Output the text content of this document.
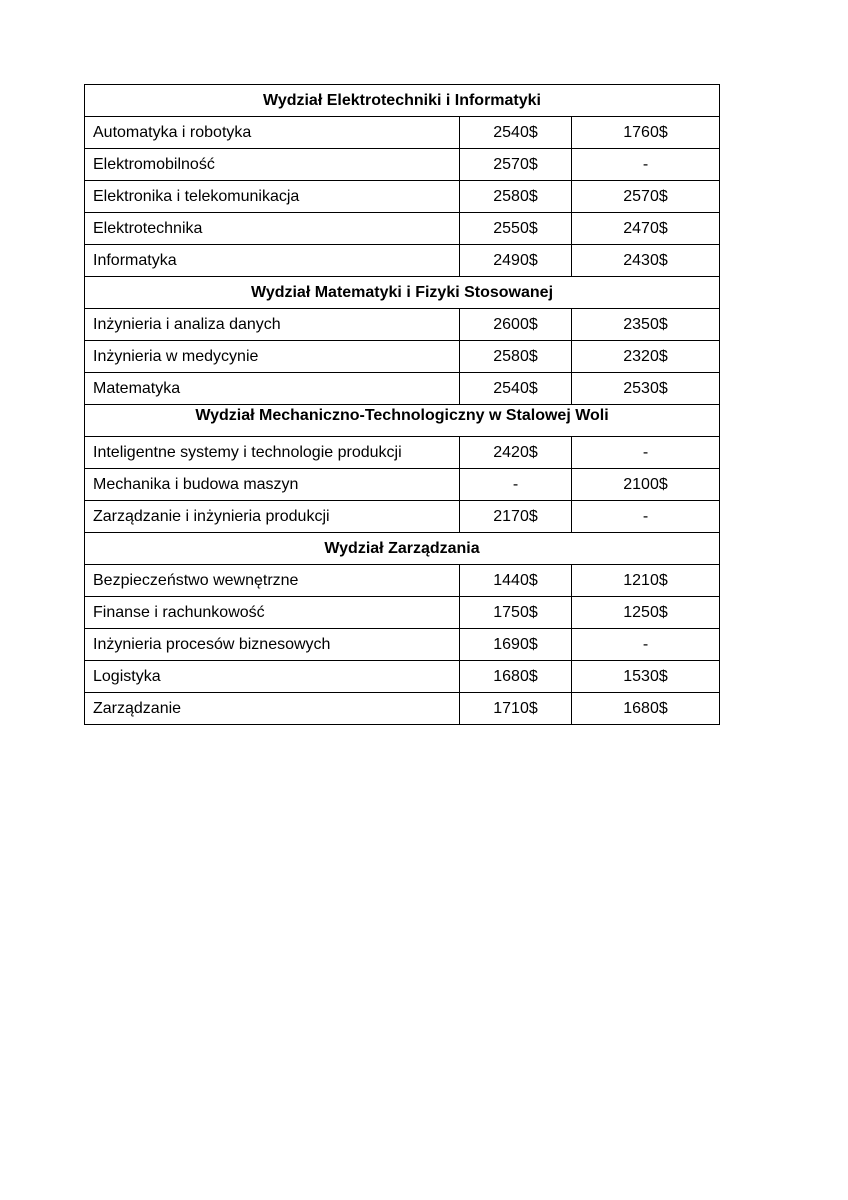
Wydział Elektrotechniki i Informatyki		
Automatyka i robotyka	2540$	1760$
Elektromobilność	2570$	-
Elektronika i telekomunikacja	2580$	2570$
Elektrotechnika	2550$	2470$
Informatyka	2490$	2430$
Wydział Matematyki i Fizyki Stosowanej		
Inżynieria i analiza danych	2600$	2350$
Inżynieria w medycynie	2580$	2320$
Matematyka	2540$	2530$
Wydział Mechaniczno-Technologiczny w Stalowej Woli		
Inteligentne systemy i technologie produkcji	2420$	-
Mechanika i budowa maszyn	-	2100$
Zarządzanie i inżynieria produkcji	2170$	-
Wydział Zarządzania		
Bezpieczeństwo wewnętrzne	1440$	1210$
Finanse i rachunkowość	1750$	1250$
Inżynieria procesów biznesowych	1690$	-
Logistyka	1680$	1530$
Zarządzanie	1710$	1680$
